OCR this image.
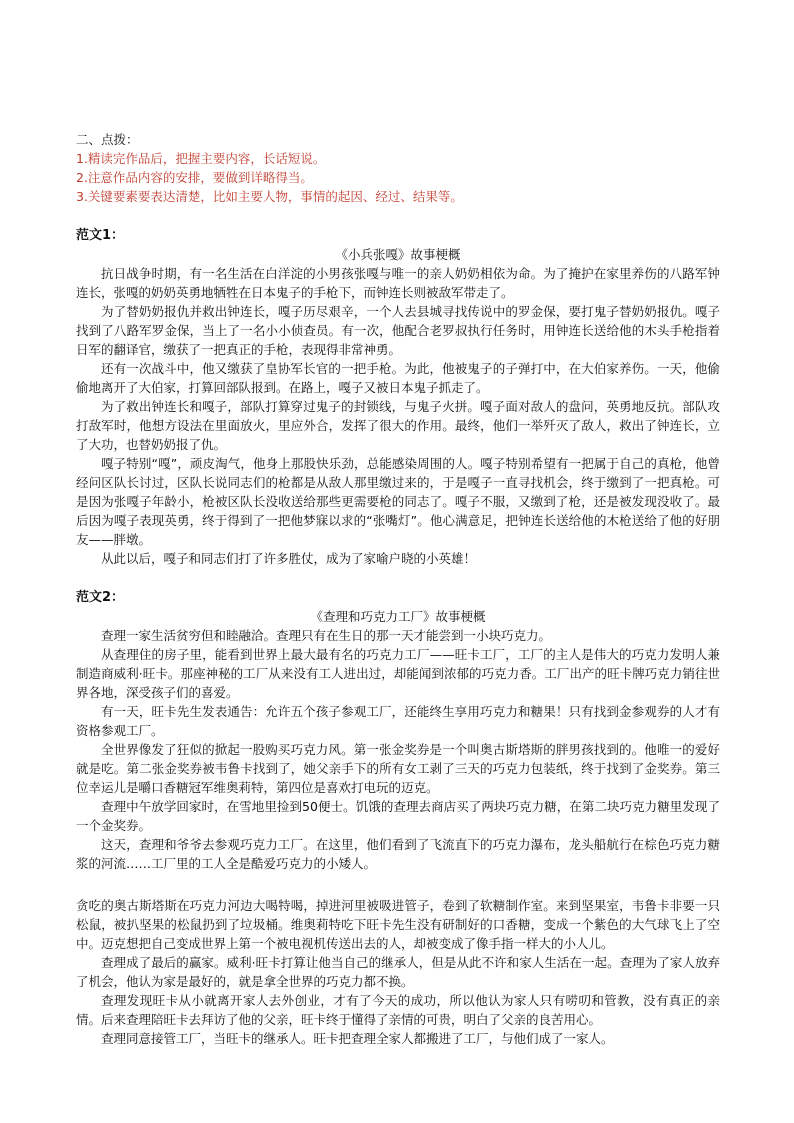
二、点拨：
1.精读完作品后，把握主要内容，长话短说。
2.注意作品内容的安排，要做到详略得当。
3.关键要素要表达清楚，比如主要人物，事情的起因、经过、结果等。
范文1：
《小兵张嘎》故事梗概

抗日战争时期，有一名生活在白洋淀的小男孩张嘎与唯一的亲人奶奶相依为命。为了掩护在家里养伤的八路军钟连长，张嘎的奶奶英勇地牺牲在日本鬼子的手枪下，而钟连长则被敌军带走了。

为了替奶奶报仇并救出钟连长，嘎子历尽艰辛，一个人去县城寻找传说中的罗金保，要打鬼子替奶奶报仇。嘎子找到了八路军罗金保，当上了一名小小侦查员。有一次，他配合老罗叔执行任务时，用钟连长送给他的木头手枪指着日军的翻译官，缴获了一把真正的手枪，表现得非常神勇。

还有一次战斗中，他又缴获了皇协军长官的一把手枪。为此，他被鬼子的子弹打中，在大伯家养伤。一天，他偷偷地离开了大伯家，打算回部队报到。在路上，嘎子又被日本鬼子抓走了。

为了救出钟连长和嘎子，部队打算穿过鬼子的封锁线，与鬼子火拼。嘎子面对敌人的盘问，英勇地反抗。部队攻打敌军时，他想方设法在里面放火，里应外合，发挥了很大的作用。最终，他们一举歼灭了敌人，救出了钟连长，立了大功，也替奶奶报了仇。

嘎子特别“嘎”，顽皮淘气，他身上那股快乐劲，总能感染周围的人。嘎子特别希望有一把属于自己的真枪，他曾经问区队长讨过，区队长说同志们的枪都是从敌人那里缴过来的，于是嘎子一直寻找机会，终于缴到了一把真枪。可是因为张嘎子年龄小，枪被区队长没收送给那些更需要枪的同志了。嘎子不服，又缴到了枪，还是被发现没收了。最后因为嘎子表现英勇，终于得到了一把他梦寐以求的“张嘴灯”。他心满意足，把钟连长送给他的木枪送给了他的好朋友——胖墩。

从此以后，嘎子和同志们打了许多胜仗，成为了家喻户晓的小英雄！

范文2：
《查理和巧克力工厂》故事梗概

查理一家生活贫穷但和睦融洽。查理只有在生日的那一天才能尝到一小块巧克力。

从查理住的房子里，能看到世界上最大最有名的巧克力工厂——旺卡工厂，工厂的主人是伟大的巧克力发明人兼制造商威利·旺卡。那座神秘的工厂从来没有工人进出过，却能闻到浓郁的巧克力香。工厂出产的旺卡牌巧克力销往世界各地，深受孩子们的喜爱。

有一天，旺卡先生发表通告：允许五个孩子参观工厂，还能终生享用巧克力和糖果！只有找到金参观券的人才有资格参观工厂。

全世界像发了狂似的掀起一股购买巧克力风。第一张金奖券是一个叫奥古斯塔斯的胖男孩找到的。他唯一的爱好就是吃。第二张金奖券被韦鲁卡找到了，她父亲手下的所有女工剥了三天的巧克力包装纸，终于找到了金奖券。第三位幸运儿是嚼口香糖冠军维奥莉特，第四位是喜欢打电玩的迈克。

查理中午放学回家时，在雪地里捡到50便士。饥饿的查理去商店买了两块巧克力糖，在第二块巧克力糖里发现了一个金奖券。

这天，查理和爷爷去参观巧克力工厂。在这里，他们看到了飞流直下的巧克力瀑布，龙头船航行在棕色巧克力糖浆的河流……工厂里的工人全是酷爱巧克力的小矮人。

贪吃的奥古斯塔斯在巧克力河边大喝特喝，掉进河里被吸进管子，卷到了软糖制作室。来到坚果室，韦鲁卡非要一只松鼠，被扒坚果的松鼠扔到了垃圾桶。维奥莉特吃下旺卡先生没有研制好的口香糖，变成一个紫色的大气球飞上了空中。迈克想把自己变成世界上第一个被电视机传送出去的人，却被变成了像手指一样大的小人儿。

查理成了最后的赢家。威利·旺卡打算让他当自己的继承人，但是从此不许和家人生活在一起。查理为了家人放弃了机会，他认为家是最好的，就是拿全世界的巧克力都不换。

查理发现旺卡从小就离开家人去外创业，才有了今天的成功，所以他认为家人只有唠叨和管教，没有真正的亲情。后来查理陪旺卡去拜访了他的父亲，旺卡终于懂得了亲情的可贵，明白了父亲的良苦用心。

查理同意接管工厂，当旺卡的继承人。旺卡把查理全家人都搬进了工厂，与他们成了一家人。
